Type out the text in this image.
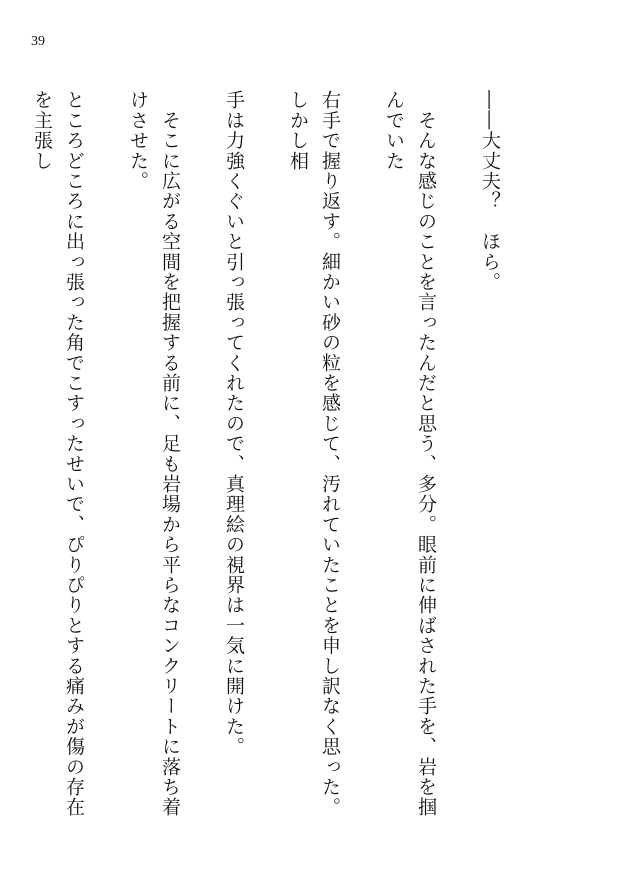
39

――大丈夫？　ほら。

　そんな感じのことを言ったんだと思う、多分。眼前に伸ばされた手を、岩を掴んでいた

右手で握り返す。細かい砂の粒を感じて、汚れていたことを申し訳なく思った。しかし相

手は力強くぐいと引っ張ってくれたので、真理絵の視界は一気に開けた。

　そこに広がる空間を把握する前に、足も岩場から平らなコンクリートに落ち着けさせた。

ところどころに出っ張った角でこすったせいで、ぴりぴりとする痛みが傷の存在を主張し
